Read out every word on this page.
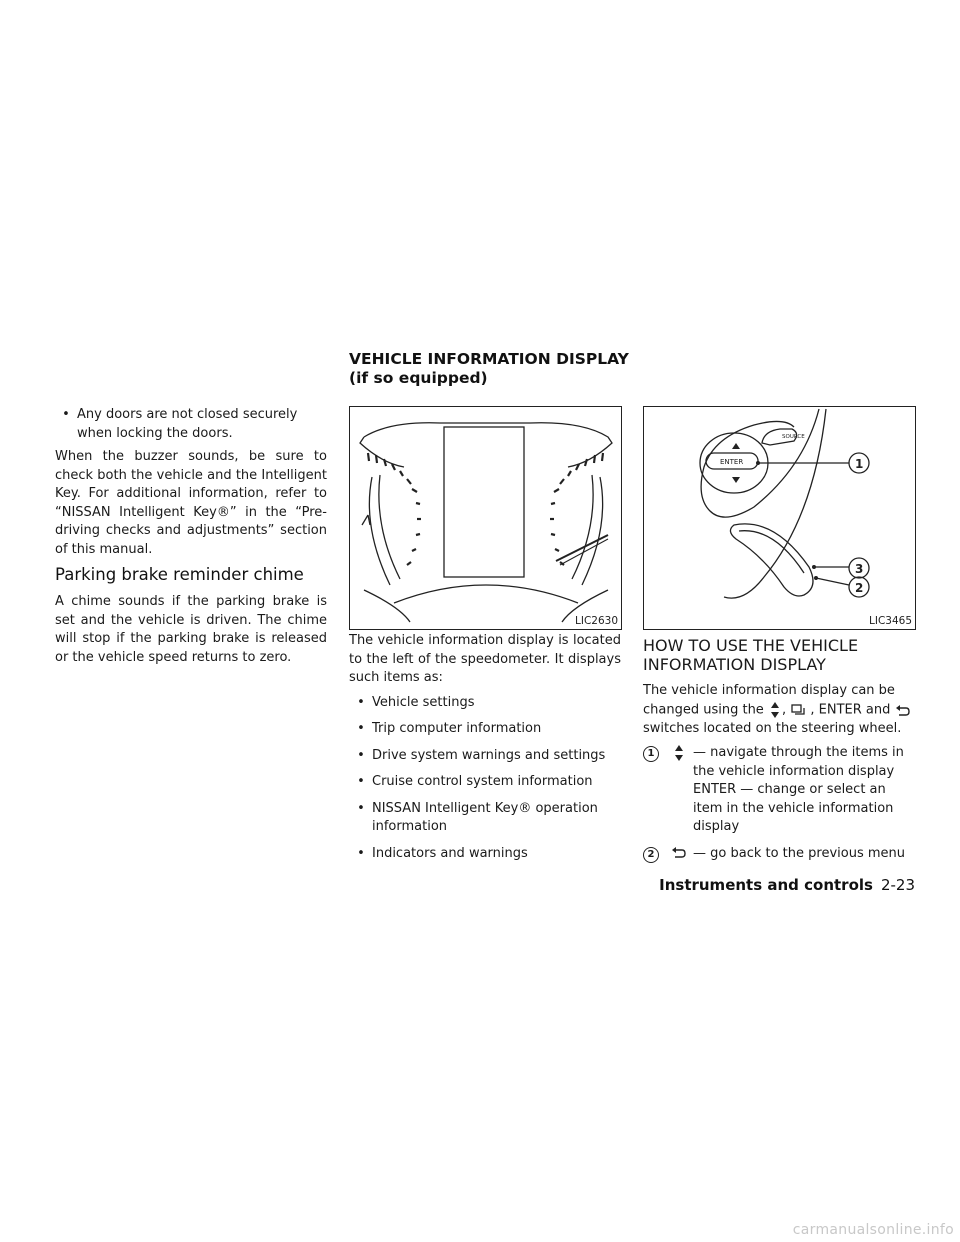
VEHICLE INFORMATION DISPLAY (if so equipped)
• Any doors are not closed securely when locking the doors.

When the buzzer sounds, be sure to check both the vehicle and the Intelligent Key. For additional information, refer to “NISSAN Intelligent Key®” in the “Pre-driving checks and adjustments” section of this manual.

Parking brake reminder chime

A chime sounds if the parking brake is set and the vehicle is driven. The chime will stop if the parking brake is released or the vehicle speed returns to zero.

LIC2630
SOURCE
ENTER	1
3
2
LIC3465

The vehicle information display is located to the left of the speedometer. It displays such items as:

• Vehicle settings
• Trip computer information
• Drive system warnings and settings
• Cruise control system information
• NISSAN Intelligent Key® operation information
• Indicators and warnings
HOW TO USE THE VEHICLE INFORMATION DISPLAY

The vehicle information display can be changed using the , , ENTER and  switches located on the steering wheel.

1	— navigate through the items in the vehicle information display
ENTER — change or select an item in the vehicle information display
2	— go back to the previous menu
Instruments and controls 2-23
carmanualsonline.info
